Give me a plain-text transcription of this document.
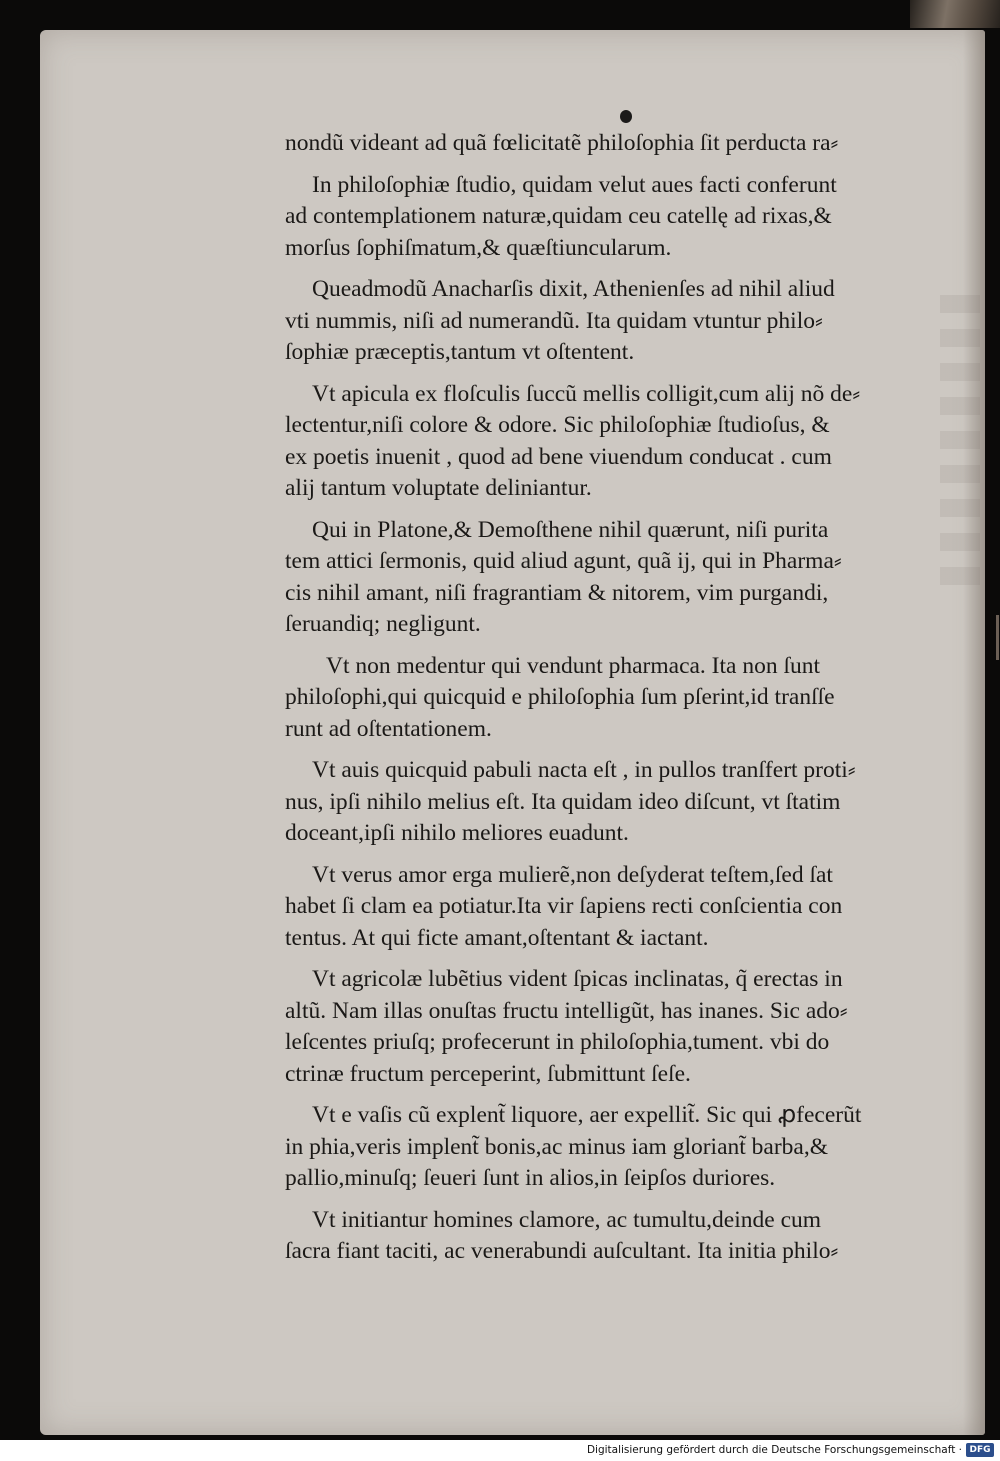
nondũ videant ad quã fœlicitatẽ philoſophia ſit perducta ra⸗
In philoſophiæ ſtudio, quidam velut aues facti conferunt
ad contemplationem naturæ,quidam ceu catellę ad rixas,&
morſus ſophiſmatum,& quæſtiuncularum.
Queadmodũ Anacharſis dixit, Athenienſes ad nihil aliud
vti nummis, niſi ad numerandũ. Ita quidam vtuntur philo⸗
ſophiæ præceptis,tantum vt oſtentent.
Vt apicula ex floſculis ſuccũ mellis colligit,cum alij nõ de⸗
lectentur,niſi colore & odore. Sic philoſophiæ ſtudioſus, &
ex poetis inuenit , quod ad bene viuendum conducat . cum
alij tantum voluptate deliniantur.
Qui in Platone,& Demoſthene nihil quærunt, niſi purita
tem attici ſermonis, quid aliud agunt, quã ij, qui in Pharma⸗
cis nihil amant, niſi fragrantiam & nitorem, vim purgandi,
ſeruandiq; negligunt.
Vt non medentur qui vendunt pharmaca. Ita non ſunt
philoſophi,qui quicquid e philoſophia ſum pſerint,id tranſſe
runt ad oſtentationem.
Vt auis quicquid pabuli nacta eſt , in pullos tranſfert proti⸗
nus, ipſi nihilo melius eſt. Ita quidam ideo diſcunt, vt ſtatim
doceant,ipſi nihilo meliores euadunt.
Vt verus amor erga mulierẽ,non deſyderat teſtem,ſed ſat
habet ſi clam ea potiatur.Ita vir ſapiens recti conſcientia con
tentus. At qui ficte amant,oſtentant & iactant.
Vt agricolæ lubẽtius vident ſpicas inclinatas, q̃ erectas in
altũ. Nam illas onuſtas fructu intelligũt, has inanes. Sic ado⸗
leſcentes priuſq; profecerunt in philoſophia,tument. vbi do
ctrinæ fructum perceperint, ſubmittunt ſeſe.
Vt e vaſis cũ explent̃ liquore, aer expellit̃. Sic qui ꝓfecerũt
in phia,veris implent̃ bonis,ac minus iam gloriant̃ barba,&
pallio,minuſq; ſeueri ſunt in alios,in ſeipſos duriores.
Vt initiantur homines clamore, ac tumultu,deinde cum
ſacra fiant taciti, ac venerabundi auſcultant. Ita initia philo⸗
Digitalisierung gefördert durch die Deutsche Forschungsgemeinschaft · DFG
